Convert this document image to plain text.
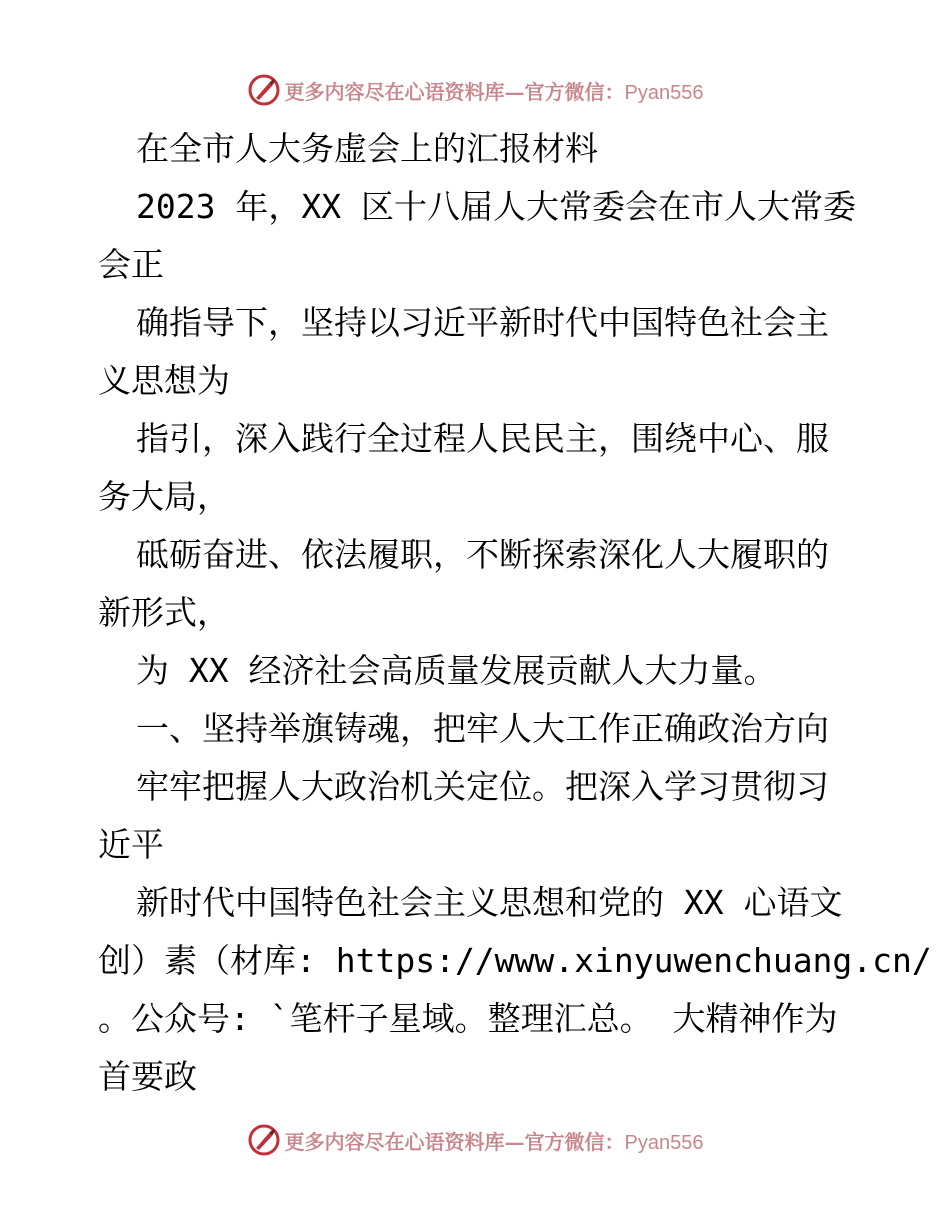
更多内容尽在心语资料库—官方微信：Pyan556
在全市人大务虚会上的汇报材料
2023 年，XX 区十八届人大常委会在市人大常委
会正
确指导下，坚持以习近平新时代中国特色社会主
义思想为
指引，深入践行全过程人民民主，围绕中心、服
务大局，
砥砺奋进、依法履职，不断探索深化人大履职的
新形式，
为 XX 经济社会高质量发展贡献人大力量。
一、坚持举旗铸魂，把牢人大工作正确政治方向
牢牢把握人大政治机关定位。把深入学习贯彻习
近平
新时代中国特色社会主义思想和党的 XX 心语文
创）素（材库: https://www.xinyuwenchuang.cn/
。公众号: `笔杆子星域。整理汇总。 大精神作为
首要政
更多内容尽在心语资料库—官方微信：Pyan556
